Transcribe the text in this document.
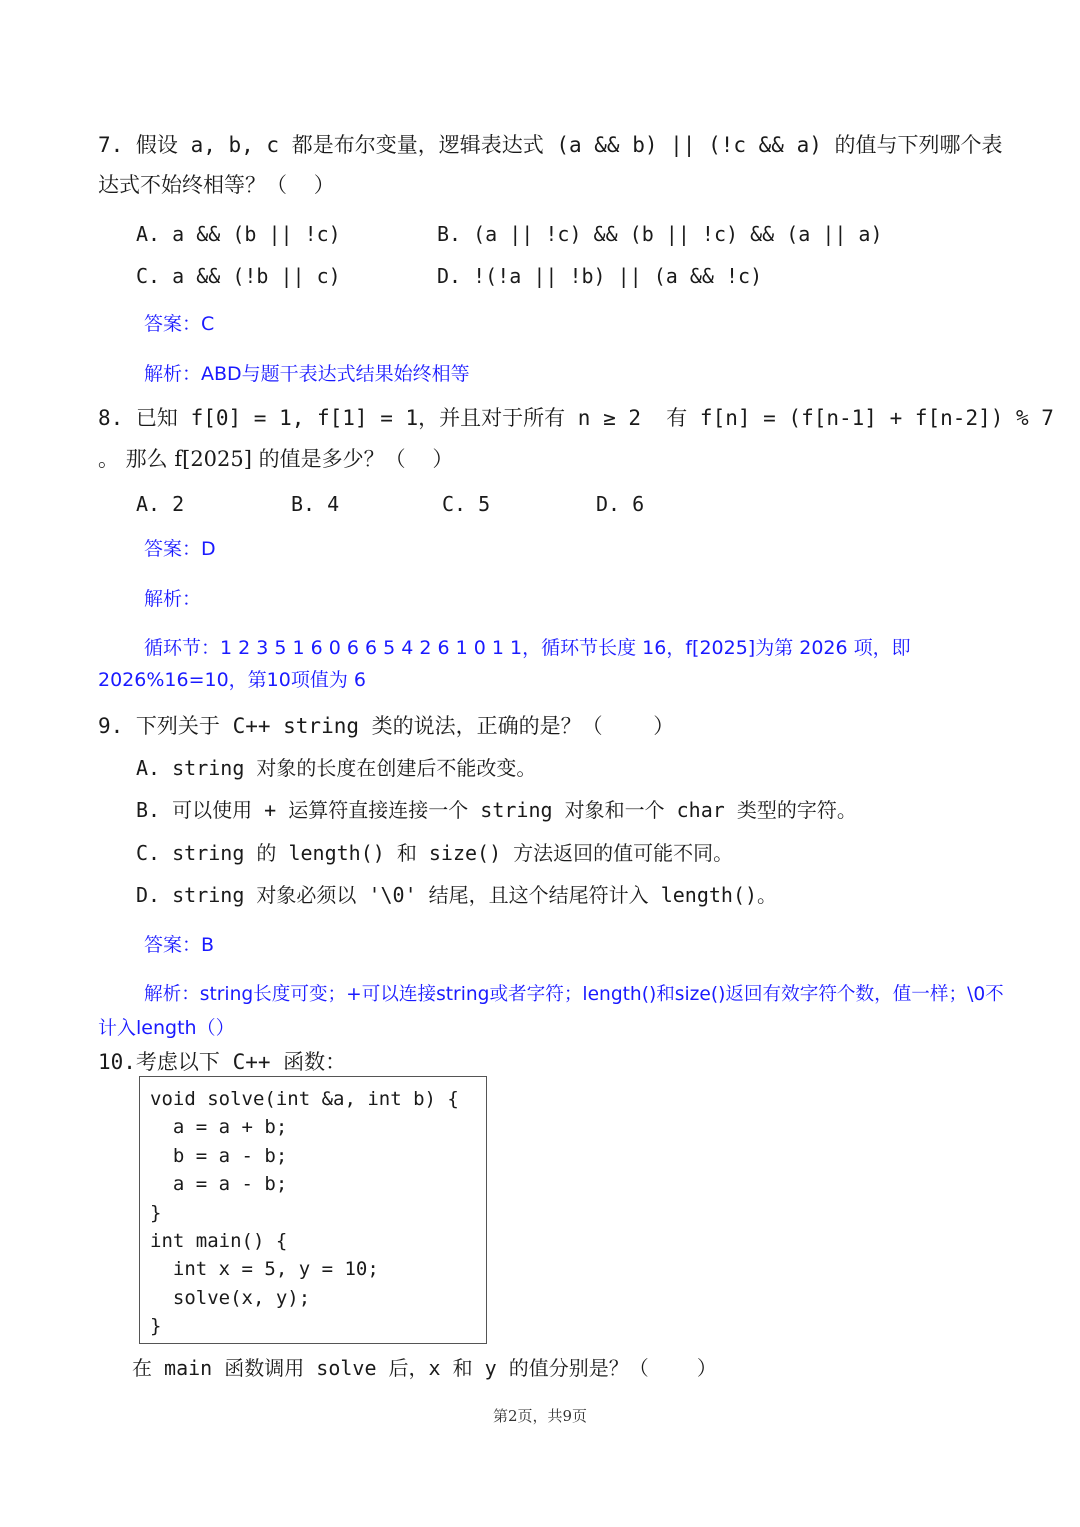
7. 假设 a, b, c 都是布尔变量，逻辑表达式 (a && b) || (!c && a) 的值与下列哪个表
达式不始终相等？（    ）
A. a && (b || !c)	B. (a || !c) && (b || !c) && (a || a)
C. a && (!b || c)	D. !(!a || !b) || (a && !c)
答案：C
解析：ABD与题干表达式结果始终相等
8. 已知 f[0] = 1, f[1] = 1，并且对于所有 n ≥ 2  有 f[n] = (f[n-1] + f[n-2]) % 7
。 那么 f[2025] 的值是多少？（    ）
A. 2	B. 4	C. 5	D. 6
答案：D
解析：
循环节：1 2 3 5 1 6 0 6 6 5 4 2 6 1 0 1 1，循环节长度 16，f[2025]为第 2026 项，即
2026%16=10，第10项值为 6
9. 下列关于 C++ string 类的说法，正确的是？（    ）
A. string 对象的长度在创建后不能改变。
B. 可以使用 + 运算符直接连接一个 string 对象和一个 char 类型的字符。
C. string 的 length() 和 size() 方法返回的值可能不同。
D. string 对象必须以 '\0' 结尾，且这个结尾符计入 length()。
答案：B
解析：string长度可变；+可以连接string或者字符；length()和size()返回有效字符个数，值一样；\0不
计入length（）
10.考虑以下 C++ 函数：
void solve(int &a, int b) {
a = a + b;
b = a - b;
a = a - b;
}
int main() {
int x = 5, y = 10;
solve(x, y);
}
在 main 函数调用 solve 后，x 和 y 的值分别是？（    ）
第2页，共9页
